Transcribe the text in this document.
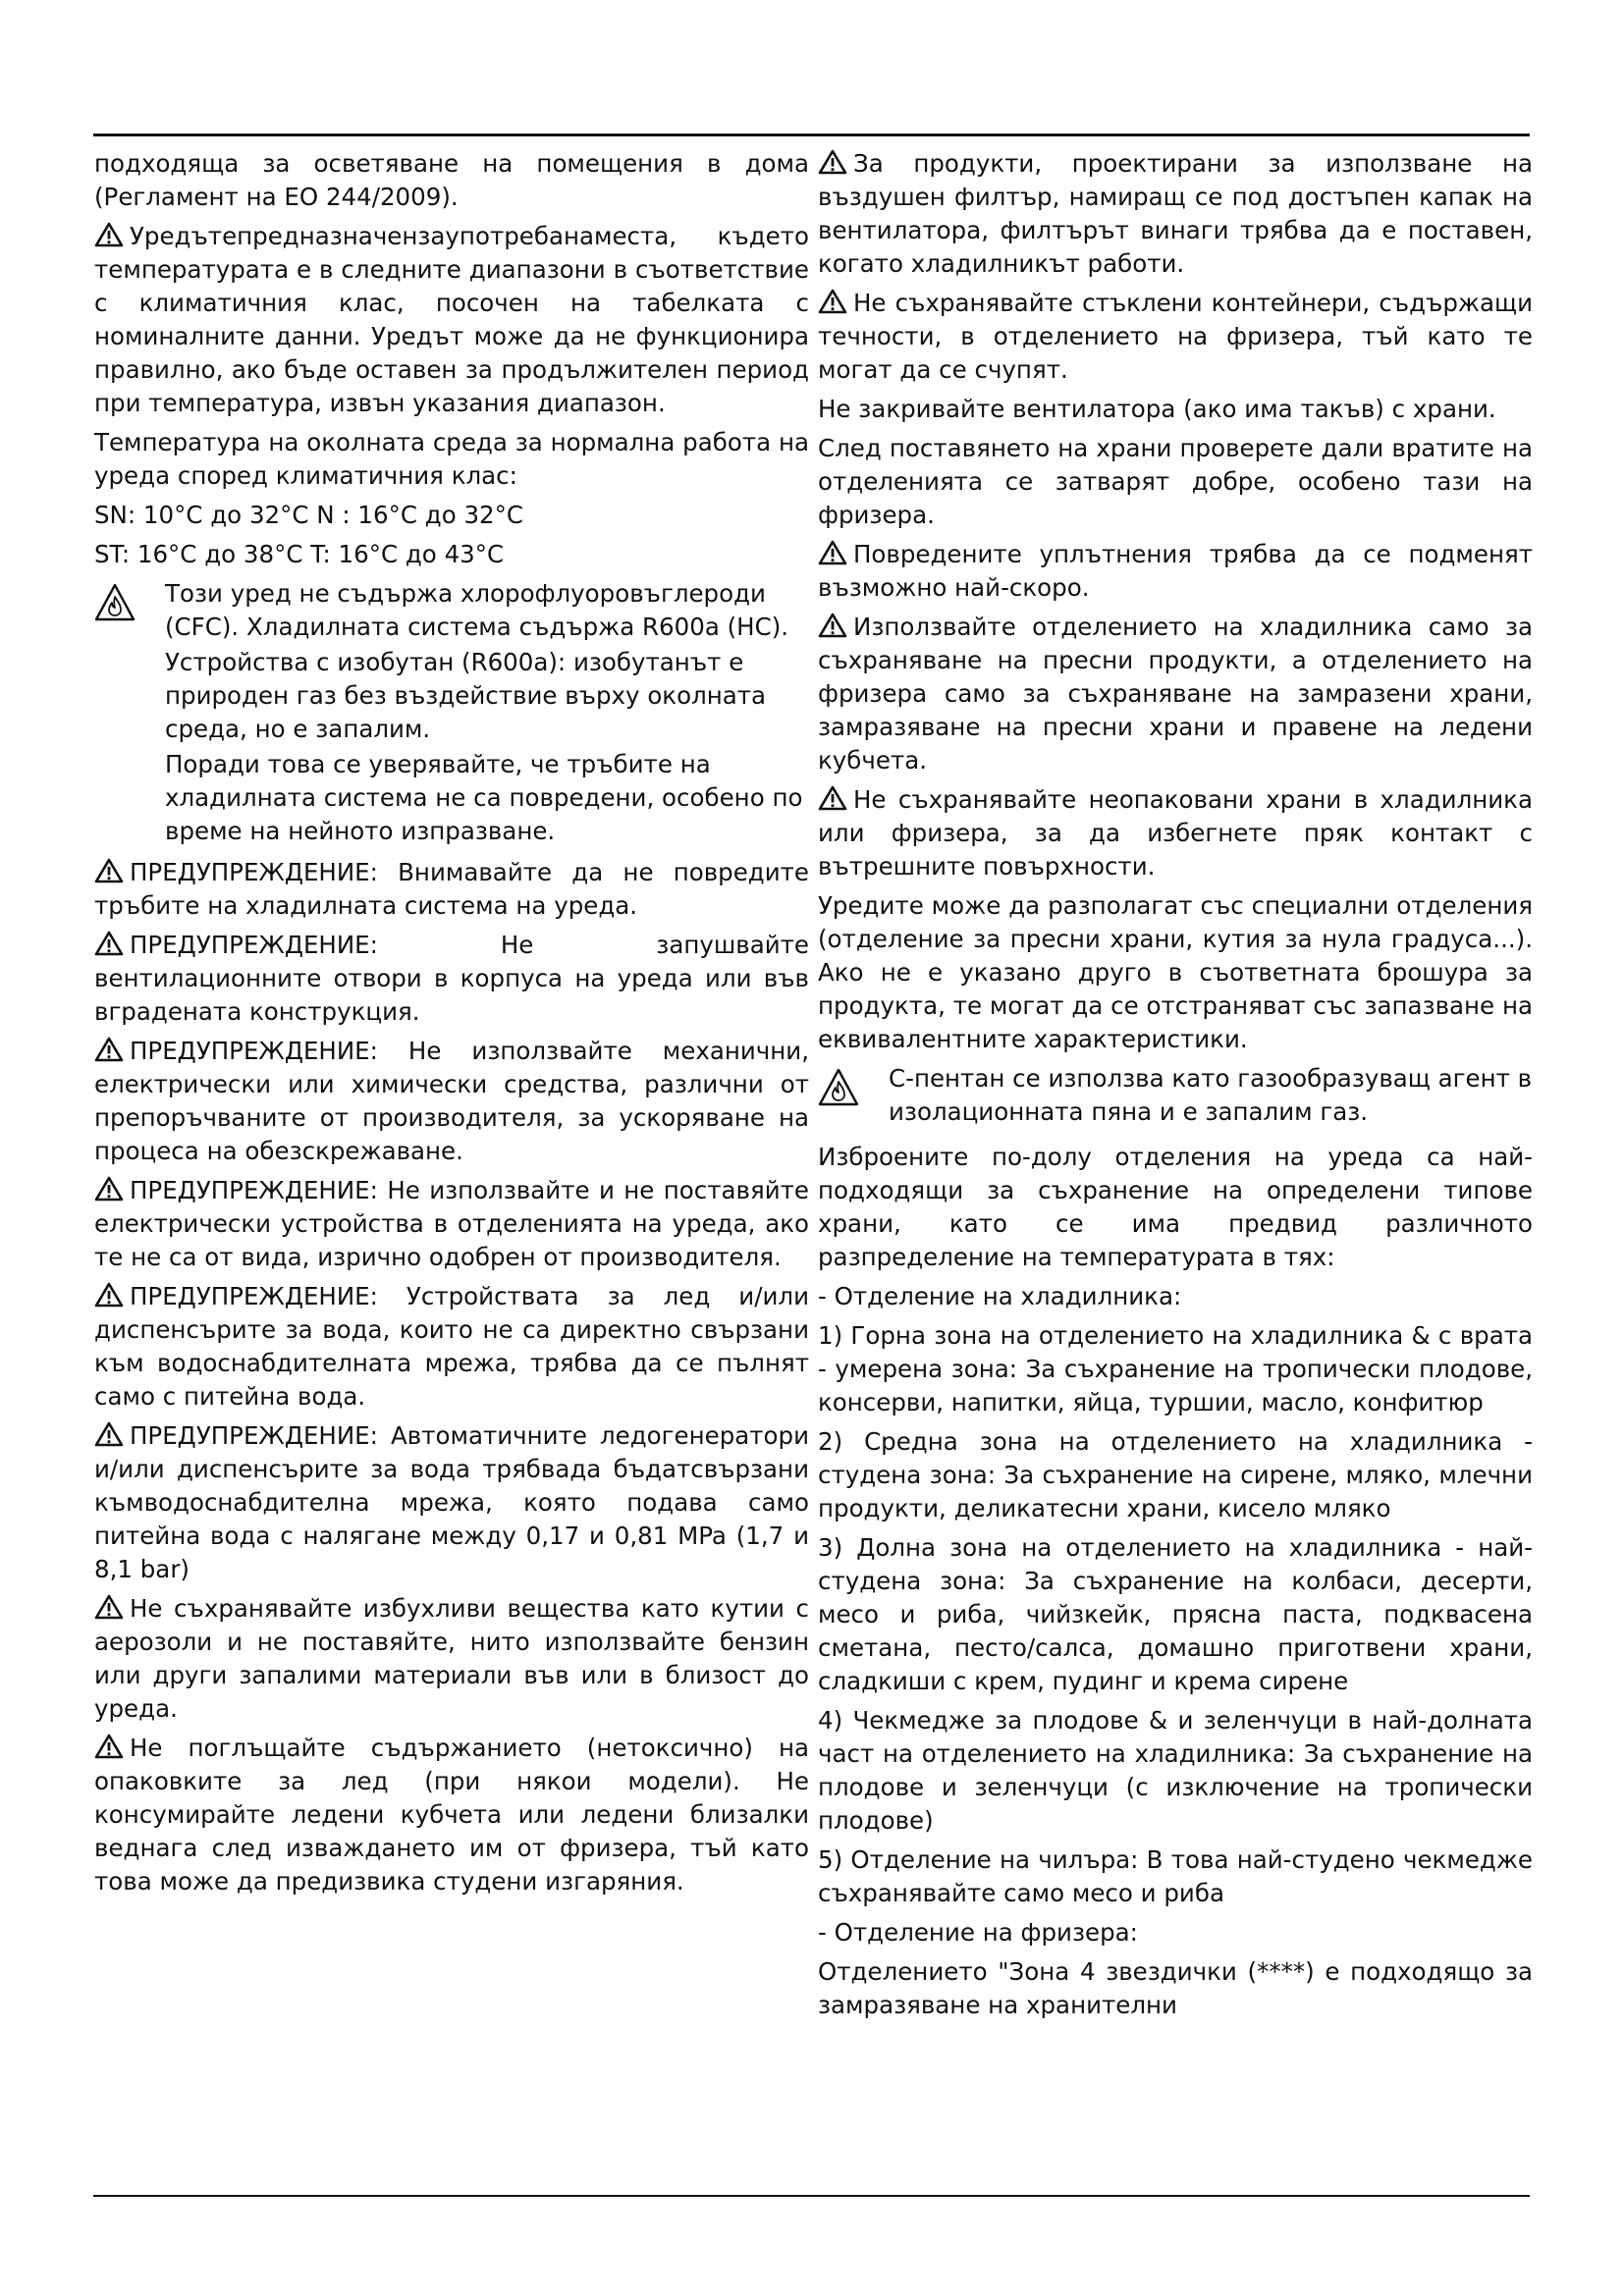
подходяща за осветяване на помещения в дома (Регламент на ЕО 244/2009).

Уредътепредназначензаупотребанаместа, където температурата е в следните диапазони в съответствие с климатичния клас, посочен на табелката с номиналните данни. Уредът може да не функционира правилно, ако бъде оставен за продължителен период при температура, извън указания диапазон.

Температура на околната среда за нормална работа на уреда според климатичния клас:

SN: 10°C до 32°C N : 16°C до 32°C

ST: 16°C до 38°C T: 16°C до 43°C

Този уред не съдържа хлорофлуоровъглероди (CFC). Хладилната система съдържа R600a (HC).

Устройства с изобутан (R600a): изобутанът е природен газ без въздействие върху околната среда, но е запалим.

Поради това се уверявайте, че тръбите на хладилната система не са повредени, особено по време на нейното изпразване.

ПРЕДУПРЕЖДЕНИЕ: Внимавайте да не повредите тръбите на хладилната система на уреда.

ПРЕДУПРЕЖДЕНИЕ: Не запушвайте вентилационните отвори в корпуса на уреда или във вградената конструкция.

ПРЕДУПРЕЖДЕНИЕ: Не използвайте механични, електрически или химически средства, различни от препоръчваните от производителя, за ускоряване на процеса на обезскрежаване.

ПРЕДУПРЕЖДЕНИЕ: Не използвайте и не поставяйте електрически устройства в отделенията на уреда, ако те не са от вида, изрично одобрен от производителя.

ПРЕДУПРЕЖДЕНИЕ: Устройствата за лед и/или диспенсърите за вода, които не са директно свързани към водоснабдителната мрежа, трябва да се пълнят само с питейна вода.

ПРЕДУПРЕЖДЕНИЕ: Автоматичните ледогенератори и/или диспенсърите за вода трябвада бъдатсвързани къмводоснабдителна мрежа, която подава само питейна вода с налягане между 0,17 и 0,81 MPa (1,7 и 8,1 bar)

Не съхранявайте избухливи вещества като кутии с аерозоли и не поставяйте, нито използвайте бензин или други запалими материали във или в близост до уреда.

Не поглъщайте съдържанието (нетоксично) на опаковките за лед (при някои модели). Не консумирайте ледени кубчета или ледени близалки веднага след изваждането им от фризера, тъй като това може да предизвика студени изгаряния.

За продукти, проектирани за използване на въздушен филтър, намиращ се под достъпен капак на вентилатора, филтърът винаги трябва да е поставен, когато хладилникът работи.

Не съхранявайте стъклени контейнери, съдържащи течности, в отделението на фризера, тъй като те могат да се счупят.

Не закривайте вентилатора (ако има такъв) с храни.

След поставянето на храни проверете дали вратите на отделенията се затварят добре, особено тази на фризера.

Повредените уплътнения трябва да се подменят възможно най-скоро.

Използвайте отделението на хладилника само за съхраняване на пресни продукти, а отделението на фризера само за съхраняване на замразени храни, замразяване на пресни храни и правене на ледени кубчета.

Не съхранявайте неопаковани храни в хладилника или фризера, за да избегнете пряк контакт с вътрешните повърхности.

Уредите може да разполагат със специални отделения (отделение за пресни храни, кутия за нула градуса...). Ако не е указано друго в съответната брошура за продукта, те могат да се отстраняват със запазване на еквивалентните характеристики.

C-пентан се използва като газообразуващ агент в изолационната пяна и е запалим газ.

Изброените по-долу отделения на уреда са най-подходящи за съхранение на определени типове храни, като се има предвид различното разпределение на температурата в тях:

- Отделение на хладилника:

1) Горна зона на отделението на хладилника & с врата - умерена зона: За съхранение на тропически плодове, консерви, напитки, яйца, туршии, масло, конфитюр

2) Средна зона на отделението на хладилника - студена зона: За съхранение на сирене, мляко, млечни продукти, деликатесни храни, кисело мляко

3) Долна зона на отделението на хладилника - най-студена зона: За съхранение на колбаси, десерти, месо и риба, чийзкейк, прясна паста, подквасена сметана, песто/салса, домашно приготвени храни, сладкиши с крем, пудинг и крема сирене

4) Чекмедже за плодове & и зеленчуци в най-долната част на отделението на хладилника: За съхранение на плодове и зеленчуци (с изключение на тропически плодове)

5) Отделение на чилъра: В това най-студено чекмедже съхранявайте само месо и риба

- Отделение на фризера:

Отделението "Зона 4 звездички (****) е подходящо за замразяване на хранителни
